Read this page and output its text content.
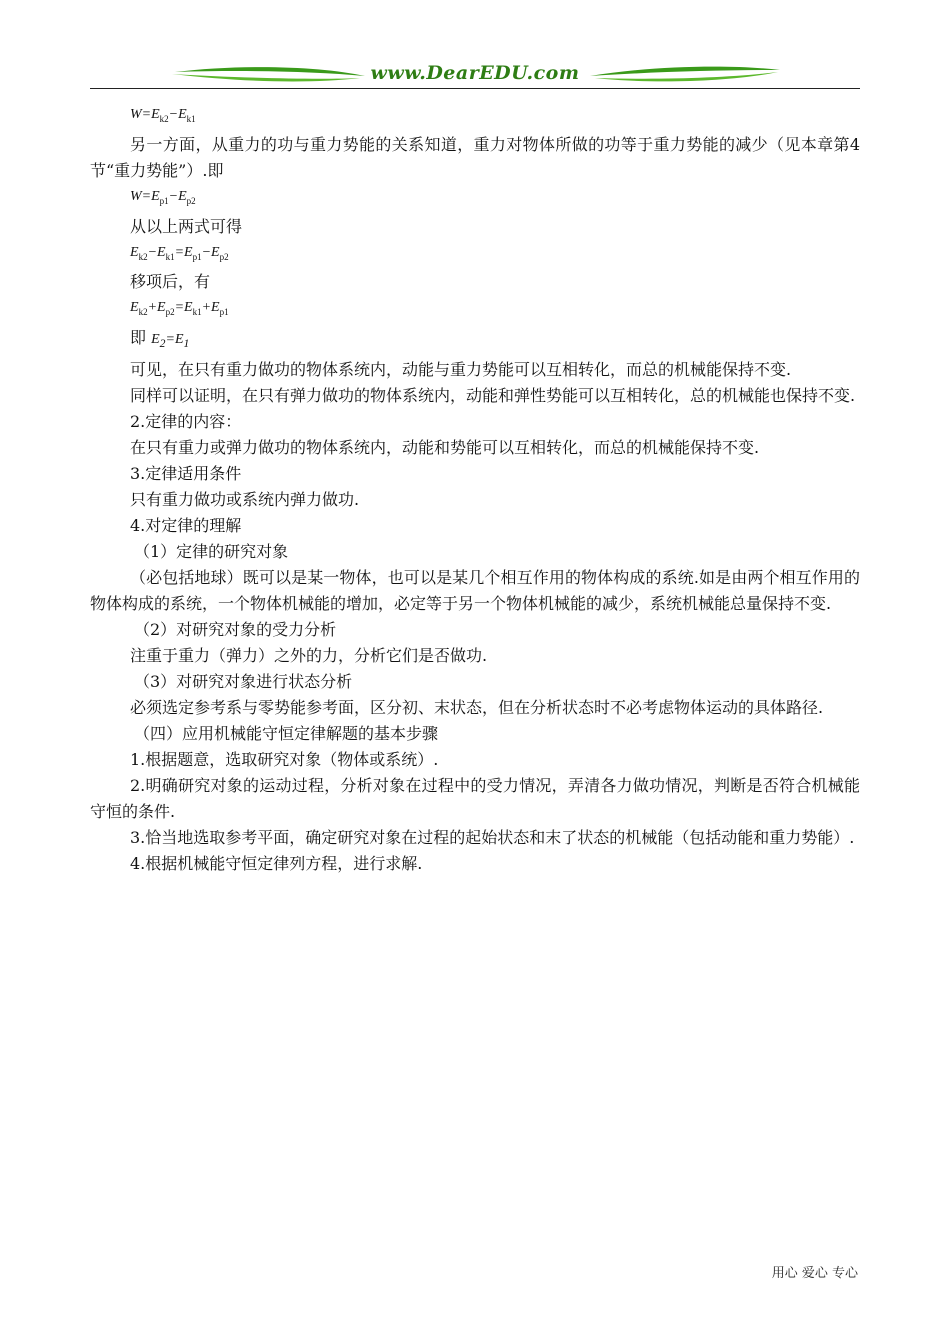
www.DearEDU.com
$W=E_{k2}-E_{k1}$
另一方面，从重力的功与重力势能的关系知道，重力对物体所做的功等于重力势能的减少（见本章第4节“重力势能”）.即
$W=E_{p1}-E_{p2}$
从以上两式可得
$E_{k2}-E_{k1}=E_{p1}-E_{p2}$
移项后，有
$E_{k2}+E_{p2}=E_{k1}+E_{p1}$
即 $E_2=E_1$
可见，在只有重力做功的物体系统内，动能与重力势能可以互相转化，而总的机械能保持不变.
同样可以证明，在只有弹力做功的物体系统内，动能和弹性势能可以互相转化，总的机械能也保持不变.
2.定律的内容：
在只有重力或弹力做功的物体系统内，动能和势能可以互相转化，而总的机械能保持不变.
3.定律适用条件
只有重力做功或系统内弹力做功.
4.对定律的理解
（1）定律的研究对象
（必包括地球）既可以是某一物体，也可以是某几个相互作用的物体构成的系统.如是由两个相互作用的物体构成的系统，一个物体机械能的增加，必定等于另一个物体机械能的减少，系统机械能总量保持不变.
（2）对研究对象的受力分析
注重于重力（弹力）之外的力，分析它们是否做功.
（3）对研究对象进行状态分析
必须选定参考系与零势能参考面，区分初、末状态，但在分析状态时不必考虑物体运动的具体路径.
（四）应用机械能守恒定律解题的基本步骤
1.根据题意，选取研究对象（物体或系统）.
2.明确研究对象的运动过程，分析对象在过程中的受力情况，弄清各力做功情况，判断是否符合机械能守恒的条件.
3.恰当地选取参考平面，确定研究对象在过程的起始状态和末了状态的机械能（包括动能和重力势能）.
4.根据机械能守恒定律列方程，进行求解.
用心 爱心 专心
